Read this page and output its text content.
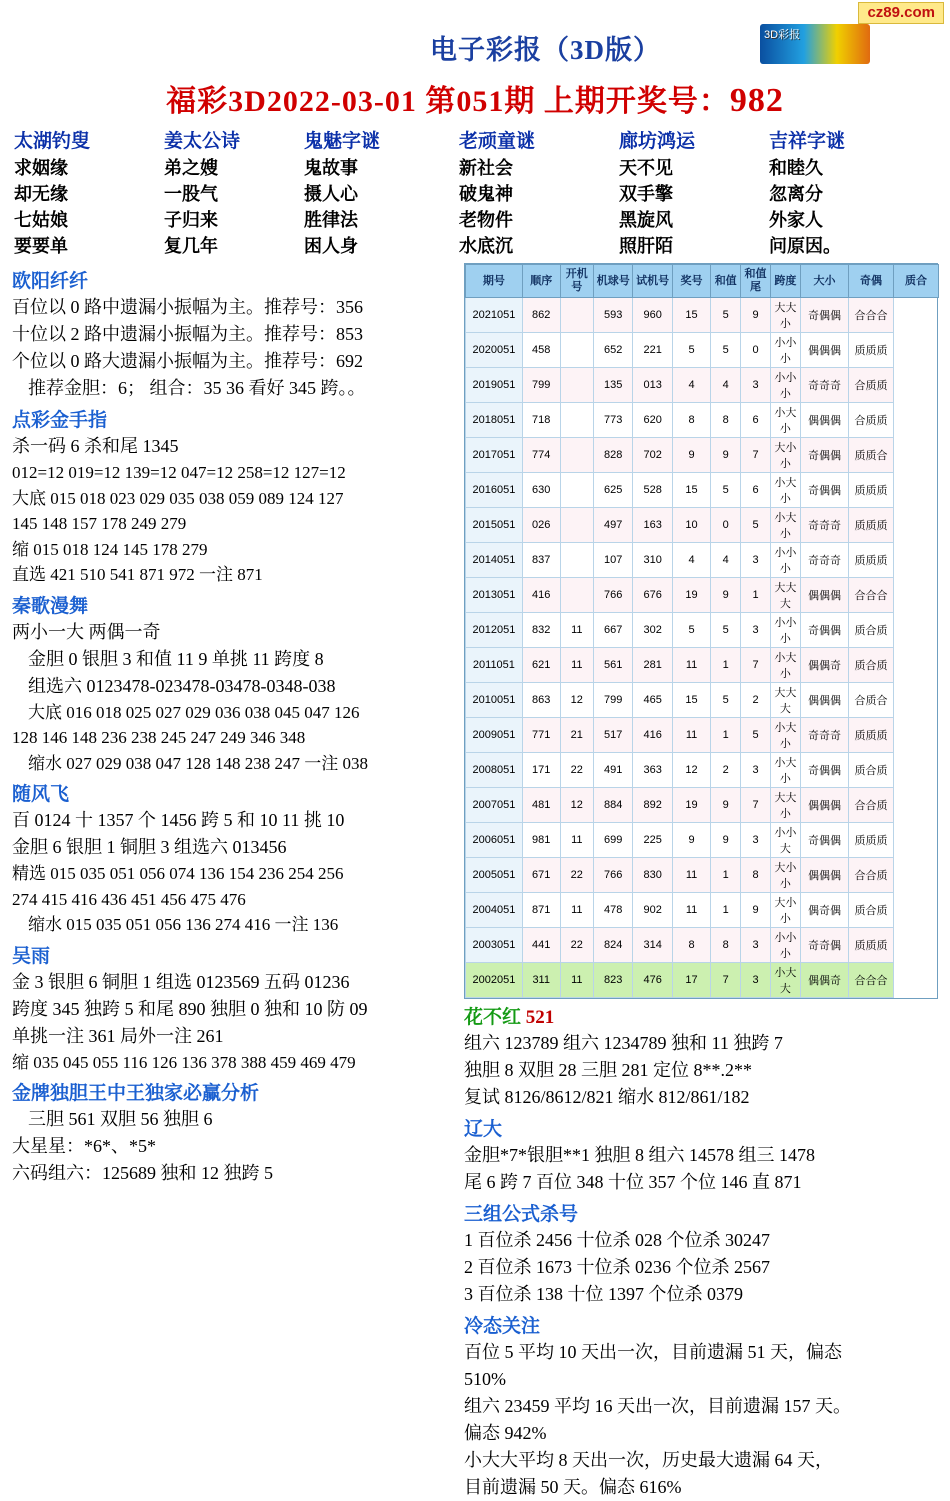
cz89.com
电子彩报（3D版）	3D彩报
福彩3D2022-03-01 第051期 上期开奖号：982
太湖钓叟
求姻缘
却无缘
七姑娘
要要单
姜太公诗
弟之嫂
一股气
子归来
复几年
鬼魅字谜
鬼故事
摄人心
胜律法
困人身
老顽童谜
新社会
破鬼神
老物件
水底沉
廊坊鸿运
天不见
双手擎
黑旋风
照肝陌
吉祥字谜
和睦久
忽离分
外家人
问原因。
欧阳纤纤
百位以 0 路中遗漏小振幅为主。推荐号：356
十位以 2 路中遗漏小振幅为主。推荐号：853
个位以 0 路大遗漏小振幅为主。推荐号：692
推荐金胆：6； 组合：35 36 看好 345 跨。。
点彩金手指
杀一码 6 杀和尾 1345
012=12 019=12 139=12 047=12 258=12 127=12
大底 015 018 023 029 035 038 059 089 124 127
145 148 157 178 249 279
缩 015 018 124 145 178 279
直选 421 510 541 871 972 一注 871
秦歌漫舞
两小一大 两偶一奇
金胆 0 银胆 3 和值 11 9 单挑 11 跨度 8
组选六 0123478-023478-03478-0348-038
大底 016 018 025 027 029 036 038 045 047 126
128 146 148 236 238 245 247 249 346 348
缩水 027 029 038 047 128 148 238 247 一注 038
随风飞
百 0124 十 1357 个 1456 跨 5 和 10 11 挑 10
金胆 6 银胆 1 铜胆 3 组选六 013456
精选 015 035 051 056 074 136 154 236 254 256
274 415 416 436 451 456 475 476
缩水 015 035 051 056 136 274 416 一注 136
吴雨
金 3 银胆 6 铜胆 1 组选 0123569 五码 01236
跨度 345 独跨 5 和尾 890 独胆 0 独和 10 防 09
单挑一注 361 局外一注 261
缩 035 045 055 116 126 136 378 388 459 469 479
金牌独胆王中王独家必赢分析
三胆 561 双胆 56 独胆 6
大星星：*6*、*5*
六码组六：125689 独和 12 独跨 5
期号	顺序	开机号	机球号	试机号	奖号	和值	和值尾	跨度	大小	奇偶	质合
2021051	862		593	960	15	5	9	大大小	奇偶偶	合合合	
2020051	458		652	221	5	5	0	小小小	偶偶偶	质质质	
2019051	799		135	013	4	4	3	小小小	奇奇奇	合质质	
2018051	718		773	620	8	8	6	小大小	偶偶偶	合质质	
2017051	774		828	702	9	9	7	大小小	奇偶偶	质质合	
2016051	630		625	528	15	5	6	小大小	奇偶偶	质质质	
2015051	026		497	163	10	0	5	小大小	奇奇奇	质质质	
2014051	837		107	310	4	4	3	小小小	奇奇奇	质质质	
2013051	416		766	676	19	9	1	大大大	偶偶偶	合合合	
2012051	832	11	667	302	5	5	3	小小小	奇偶偶	质合质	
2011051	621	11	561	281	11	1	7	小大小	偶偶奇	质合质	
2010051	863	12	799	465	15	5	2	大大大	偶偶偶	合质合	
2009051	771	21	517	416	11	1	5	小大小	奇奇奇	质质质	
2008051	171	22	491	363	12	2	3	小大小	奇偶偶	质合质	
2007051	481	12	884	892	19	9	7	大大小	偶偶偶	合合质	
2006051	981	11	699	225	9	9	3	小小大	奇偶偶	质质质	
2005051	671	22	766	830	11	1	8	大小小	偶偶偶	合合质	
2004051	871	11	478	902	11	1	9	大小小	偶奇偶	质合质	
2003051	441	22	824	314	8	8	3	小小小	奇奇偶	质质质	
2002051	311	11	823	476	17	7	3	小大大	偶偶奇	合合合	
花不红 521
组六 123789 组六 1234789 独和 11 独跨 7
独胆 8 双胆 28 三胆 281 定位 8**.2**
复试 8126/8612/821 缩水 812/861/182
辽大
金胆*7*银胆**1 独胆 8 组六 14578 组三 1478
尾 6 跨 7 百位 348 十位 357 个位 146 直 871
三组公式杀号
1 百位杀 2456 十位杀 028 个位杀 30247
2 百位杀 1673 十位杀 0236 个位杀 2567
3 百位杀 138 十位 1397 个位杀 0379
冷态关注
百位 5 平均 10 天出一次，目前遗漏 51 天，偏态
510%
组六 23459 平均 16 天出一次，目前遗漏 157 天。
偏态 942%
小大大平均 8 天出一次，历史最大遗漏 64 天，
目前遗漏 50 天。偏态 616%
